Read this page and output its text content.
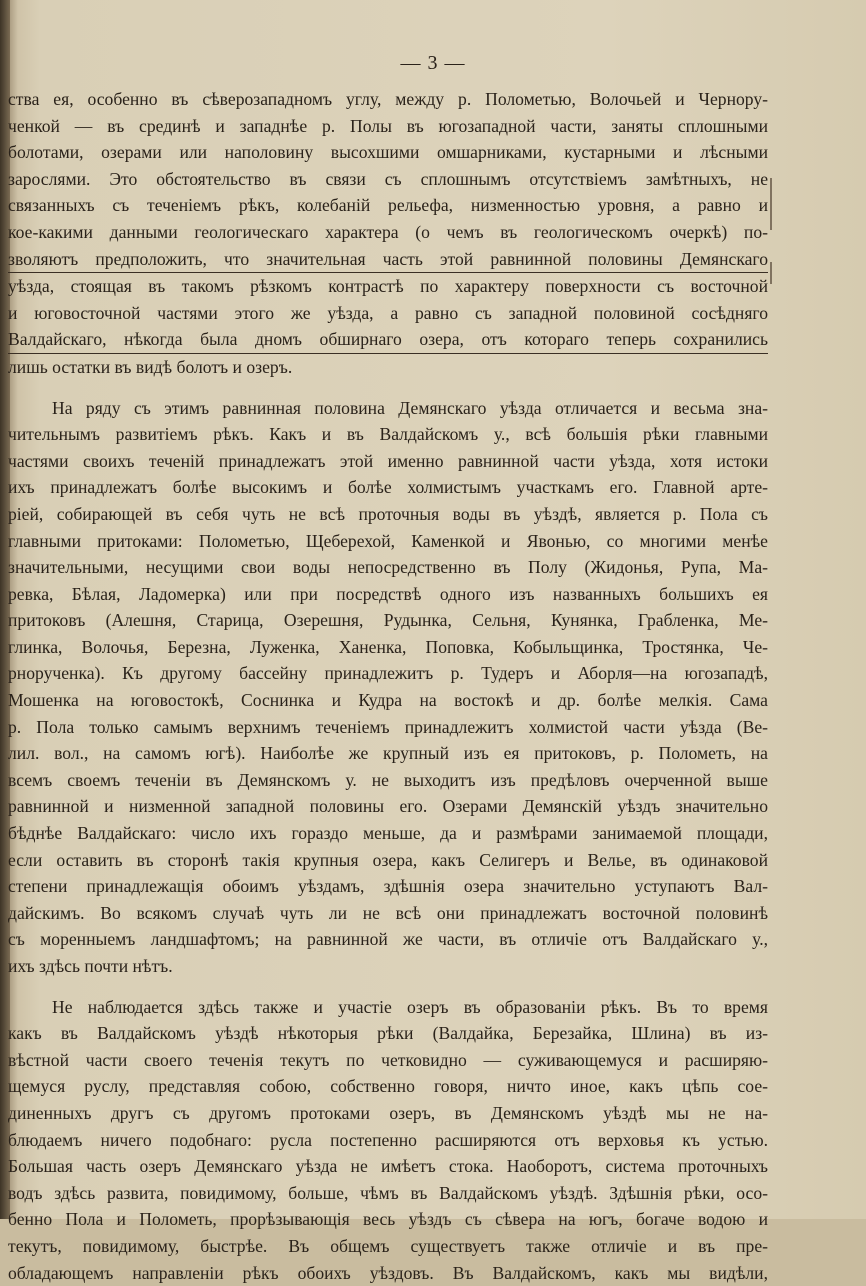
— 3 —

ства ея, особенно въ сѣверозападномъ углу, между р. Полометью, Волочьей и Чернору-
ченкой — въ срединѣ и западнѣе р. Полы въ югозападной части, заняты сплошными
болотами, озерами или наполовину высохшими омшарниками, кустарными и лѣсными
зарослями. Это обстоятельство въ связи съ сплошнымъ отсутствіемъ замѣтныхъ, не
связанныхъ съ теченіемъ рѣкъ, колебаній рельефа, низменностью уровня, а равно и
кое-какими данными геологическаго характера (о чемъ въ геологическомъ очеркѣ) по-
зволяютъ предположить, что значительная часть этой равнинной половины Демянскаго
уѣзда, стоящая въ такомъ рѣзкомъ контрастѣ по характеру поверхности съ восточной
и юговосточной частями этого же уѣзда, а равно съ западной половиной сосѣдняго
Валдайскаго, нѣкогда была дномъ обширнаго озера, отъ котораго теперь сохранились
лишь остатки въ видѣ болотъ и озеръ.

На ряду съ этимъ равнинная половина Демянскаго уѣзда отличается и весьма зна-
чительнымъ развитіемъ рѣкъ. Какъ и въ Валдайскомъ у., всѣ большія рѣки главными
частями своихъ теченій принадлежатъ этой именно равнинной части уѣзда, хотя истоки
ихъ принадлежатъ болѣе высокимъ и болѣе холмистымъ участкамъ его. Главной арте-
ріей, собирающей въ себя чуть не всѣ проточныя воды въ уѣздѣ, является р. Пола съ
главными притоками: Полометью, Щеберехой, Каменкой и Явонью, со многими менѣе
значительными, несущими свои воды непосредственно въ Полу (Жидонья, Рупа, Ма-
ревка, Бѣлая, Ладомерка) или при посредствѣ одного изъ названныхъ большихъ ея
притоковъ (Алешня, Старица, Озерешня, Рудынка, Сельня, Кунянка, Грабленка, Ме-
глинка, Волочья, Березна, Луженка, Ханенка, Поповка, Кобыльщинка, Тростянка, Че-
рнорученка). Къ другому бассейну принадлежитъ р. Тудеръ и Аборля—на югозападѣ,
Мошенка на юговостокѣ, Соснинка и Кудра на востокѣ и др. болѣе мелкія. Сама
р. Пола только самымъ верхнимъ теченіемъ принадлежитъ холмистой части уѣзда (Ве-
лил. вол., на самомъ югѣ). Наиболѣе же крупный изъ ея притоковъ, р. Полометь, на
всемъ своемъ теченіи въ Демянскомъ у. не выходитъ изъ предѣловъ очерченной выше
равнинной и низменной западной половины его. Озерами Демянскій уѣздъ значительно
бѣднѣе Валдайскаго: число ихъ гораздо меньше, да и размѣрами занимаемой площади,
если оставить въ сторонѣ такія крупныя озера, какъ Селигеръ и Велье, въ одинаковой
степени принадлежащія обоимъ уѣздамъ, здѣшнія озера значительно уступаютъ Вал-
дайскимъ. Во всякомъ случаѣ чуть ли не всѣ они принадлежатъ восточной половинѣ
съ моренныемъ ландшафтомъ; на равнинной же части, въ отличіе отъ Валдайскаго у.,
ихъ здѣсь почти нѣтъ.

Не наблюдается здѣсь также и участіе озеръ въ образованіи рѣкъ. Въ то время
какъ въ Валдайскомъ уѣздѣ нѣкоторыя рѣки (Валдайка, Березайка, Шлина) въ из-
вѣстной части своего теченія текутъ по четковидно — суживающемуся и расширяю-
щемуся руслу, представляя собою, собственно говоря, ничто иное, какъ цѣпь сое-
диненныхъ другъ съ другомъ протоками озеръ, въ Демянскомъ уѣздѣ мы не на-
блюдаемъ ничего подобнаго: русла постепенно расширяются отъ верховья къ устью.
Большая часть озеръ Демянскаго уѣзда не имѣетъ стока. Наоборотъ, система проточныхъ
водъ здѣсь развита, повидимому, больше, чѣмъ въ Валдайскомъ уѣздѣ. Здѣшнія рѣки, осо-
бенно Пола и Полометь, прорѣзывающія весь уѣздъ съ сѣвера на югъ, богаче водою и
текутъ, повидимому, быстрѣе. Въ общемъ существуетъ также отличіе и въ пре-
обладающемъ направленіи рѣкъ обоихъ уѣздовъ. Въ Валдайскомъ, какъ мы видѣли,
